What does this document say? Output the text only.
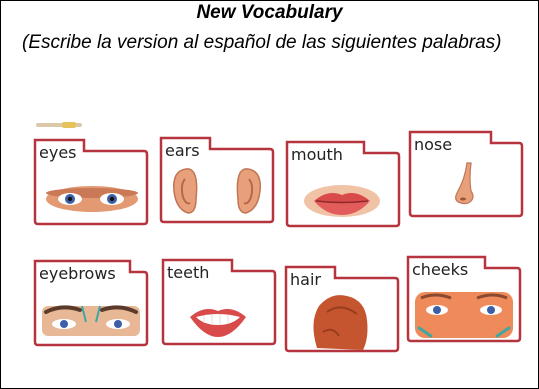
New Vocabulary
(Escribe la version al español de las siguientes palabras)
eyes	ears	mouth
nose
eyebrows	teeth	hair
cheeks
